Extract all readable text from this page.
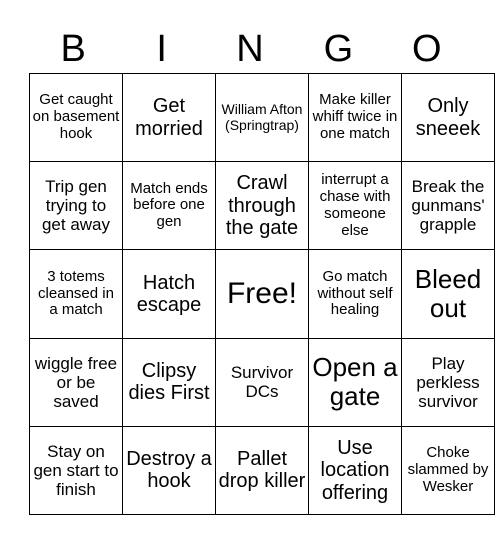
B	I	N	G	O
Get caught on basement hook	Get morried	William Afton (Springtrap)	Make killer whiff twice in one match	Only sneeek
Trip gen trying to get away	Match ends before one gen	Crawl through the gate	interrupt a chase with someone else	Break the gunmans' grapple
3 totems cleansed in a match	Hatch escape	Free!	Go match without self healing	Bleed out
wiggle free or be saved	Clipsy dies First	Survivor DCs	Open a gate	Play perkless survivor
Stay on gen start to finish	Destroy a hook	Pallet drop killer	Use location offering	Choke slammed by Wesker
